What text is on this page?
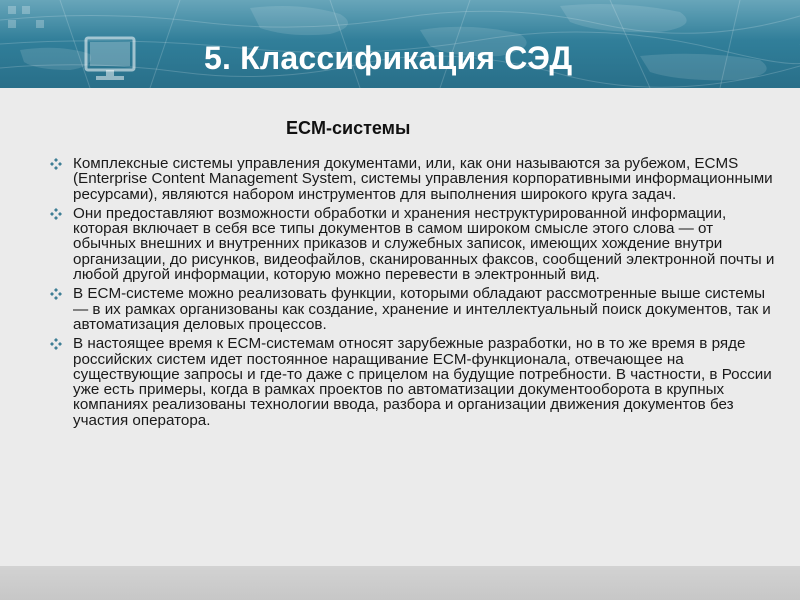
5. Классификация СЭД
ECM-системы
Комплексные системы управления документами, или, как они называются за рубежом, ECMS (Enterprise Content Management System, системы управления корпоративными информационными ресурсами), являются набором инструментов для выполнения широкого круга задач.
Они предоставляют возможности обработки и хранения неструктурированной информации, которая включает в себя все типы документов в самом широком смысле этого слова — от обычных внешних и внутренних приказов и служебных записок, имеющих хождение внутри организации, до рисунков, видеофайлов, сканированных факсов, сообщений электронной почты и любой другой информации, которую можно перевести в электронный вид.
В ECM-системе можно реализовать функции, которыми обладают рассмотренные выше системы — в их рамках организованы как создание, хранение и интеллектуальный поиск документов, так и автоматизация деловых процессов.
В настоящее время к ECM-системам относят зарубежные разработки, но в то же время в ряде российских систем идет постоянное наращивание ECM-функционала, отвечающее на существующие запросы и где-то даже с прицелом на будущие потребности. В частности, в России уже есть примеры, когда в рамках проектов по автоматизации документооборота в крупных компаниях реализованы технологии ввода, разбора и организации движения документов без участия оператора.
